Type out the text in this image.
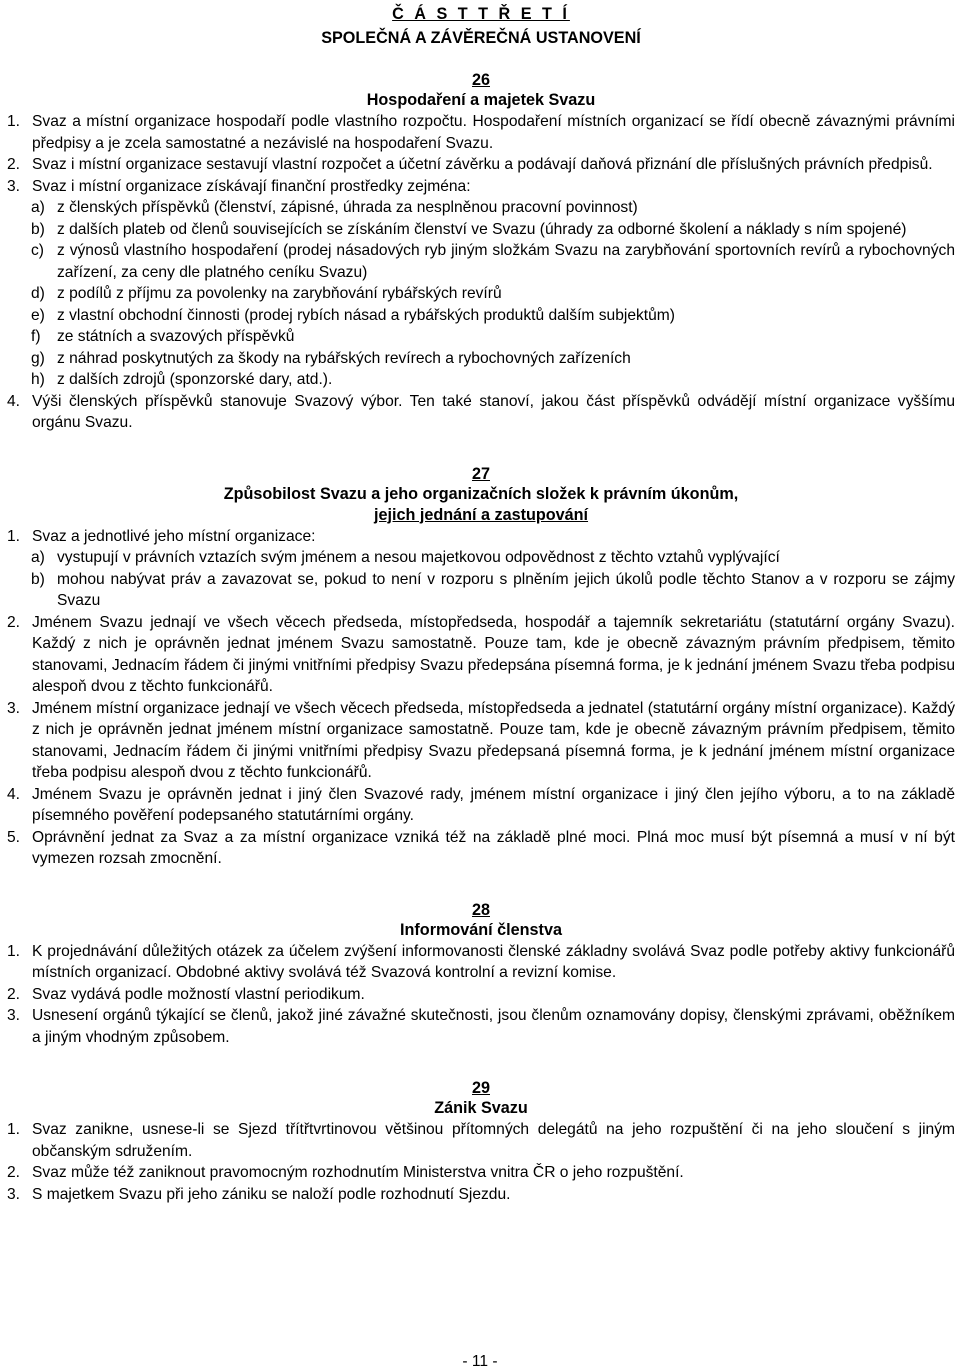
Č Á S T T Ř E T Í
SPOLEČNÁ A ZÁVĚREČNÁ USTANOVENÍ
26
Hospodaření a majetek Svazu
1. Svaz a místní organizace hospodaří podle vlastního rozpočtu. Hospodaření místních organizací se řídí obecně závaznými právními předpisy a je zcela samostatné a nezávislé na hospodaření Svazu.
2. Svaz i místní organizace sestavují vlastní rozpočet a účetní závěrku a podávají daňová přiznání dle příslušných právních předpisů.
3. Svaz i místní organizace získávají finanční prostředky zejména:
a) z členských příspěvků (členství, zápisné, úhrada za nesplněnou pracovní povinnost)
b) z dalších plateb od členů souvisejících se získáním členství ve Svazu (úhrady za odborné školení a náklady s ním spojené)
c) z výnosů vlastního hospodaření (prodej násadových ryb jiným složkám Svazu na zarybňování sportovních revírů a rybochovných zařízení, za ceny dle platného ceníku Svazu)
d) z podílů z příjmu za povolenky na zarybňování rybářských revírů
e) z vlastní obchodní činnosti (prodej rybích násad a rybářských produktů dalším subjektům)
f) ze státních a svazových příspěvků
g) z náhrad poskytnutých za škody na rybářských revírech a rybochovných zařízeních
h) z dalších zdrojů (sponzorské dary, atd.).
4. Výši členských příspěvků stanovuje Svazový výbor. Ten také stanoví, jakou část příspěvků odvádějí místní organizace vyššímu orgánu Svazu.
27
Způsobilost Svazu a jeho organizačních složek k právním úkonům,
jejich jednání a zastupování
1. Svaz a jednotlivé jeho místní organizace:
a) vystupují v právních vztazích svým jménem a nesou majetkovou odpovědnost z těchto vztahů vyplývající
b) mohou nabývat práv a zavazovat se, pokud to není v rozporu s plněním jejich úkolů podle těchto Stanov a v rozporu se zájmy Svazu
2. Jménem Svazu jednají ve všech věcech předseda, místopředseda, hospodář a tajemník sekretariátu (statutární orgány Svazu). Každý z nich je oprávněn jednat jménem Svazu samostatně. Pouze tam, kde je obecně závazným právním předpisem, těmito stanovami, Jednacím řádem či jinými vnitřními předpisy Svazu předepsána písemná forma, je k jednání jménem Svazu třeba podpisu alespoň dvou z těchto funkcionářů.
3. Jménem místní organizace jednají ve všech věcech předseda, místopředseda a jednatel (statutární orgány místní organizace). Každý z nich je oprávněn jednat jménem místní organizace samostatně. Pouze tam, kde je obecně závazným právním předpisem, těmito stanovami, Jednacím řádem či jinými vnitřními předpisy Svazu předepsaná písemná forma, je k jednání jménem místní organizace třeba podpisu alespoň dvou z těchto funkcionářů.
4. Jménem Svazu je oprávněn jednat i jiný člen Svazové rady, jménem místní organizace i jiný člen jejího výboru, a to na základě písemného pověření podepsaného statutárními orgány.
5. Oprávnění jednat za Svaz a za místní organizace vzniká též na základě plné moci. Plná moc musí být písemná a musí v ní být vymezen rozsah zmocnění.
28
Informování členstva
1. K projednávání důležitých otázek za účelem zvýšení informovanosti členské základny svolává Svaz podle potřeby aktivy funkcionářů místních organizací. Obdobné aktivy svolává též Svazová kontrolní a revizní komise.
2. Svaz vydává podle možností vlastní periodikum.
3. Usnesení orgánů týkající se členů, jakož jiné závažné skutečnosti, jsou členům oznamovány dopisy, členskými zprávami, oběžníkem a jiným vhodným způsobem.
29
Zánik Svazu
1. Svaz zanikne, usnese-li se Sjezd třítřtvrtinovou většinou přítomných delegátů na jeho rozpuštění či na jeho sloučení s jiným občanským sdružením.
2. Svaz může též zaniknout pravomocným rozhodnutím Ministerstva vnitra ČR o jeho rozpuštění.
3. S majetkem Svazu při jeho zániku se naloží podle rozhodnutí Sjezdu.
- 11 -
